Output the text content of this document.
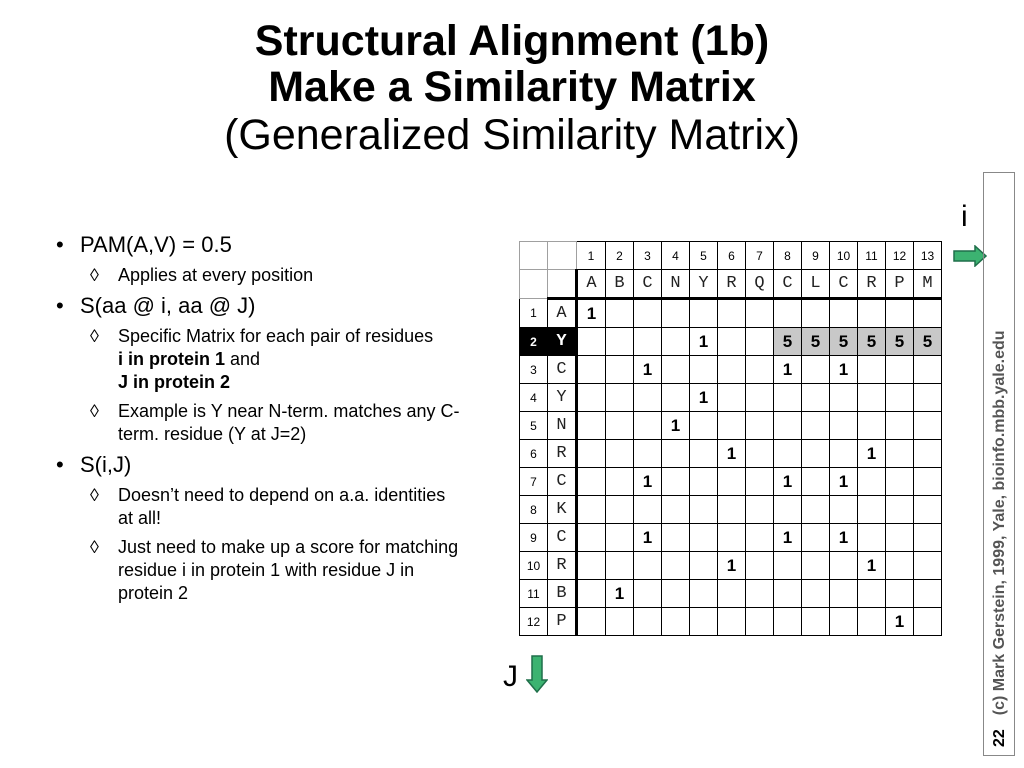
Structural Alignment (1b)
Make a Similarity Matrix
(Generalized Similarity Matrix)
• PAM(A,V) = 0.5
◊ Applies at every position
• S(aa @ i, aa @ J)
◊ Specific Matrix for each pair of residues
i in protein 1 and
J in protein 2
◊ Example is Y near N-term. matches any C-term. residue (Y at J=2)
• S(i,J)
◊ Doesn’t need to depend on a.a. identities at all!
◊ Just need to make up a score for matching residue i in protein 1 with residue J in protein 2
i
		1	2	3	4	5	6	7	8	9	10	11	12	13
		A	B	C	N	Y	R	Q	C	L	C	R	P	M
1	A	1												
2	Y					1			5	5	5	5	5	5
3	C			1					1		1			
4	Y					1								
5	N				1									
6	R						1					1		
7	C			1					1		1			
8	K													
9	C			1					1		1			
10	R						1					1		
11	B		1											
12	P												1	
J
22
(c) Mark Gerstein, 1999, Yale, bioinfo.mbb.yale.edu
